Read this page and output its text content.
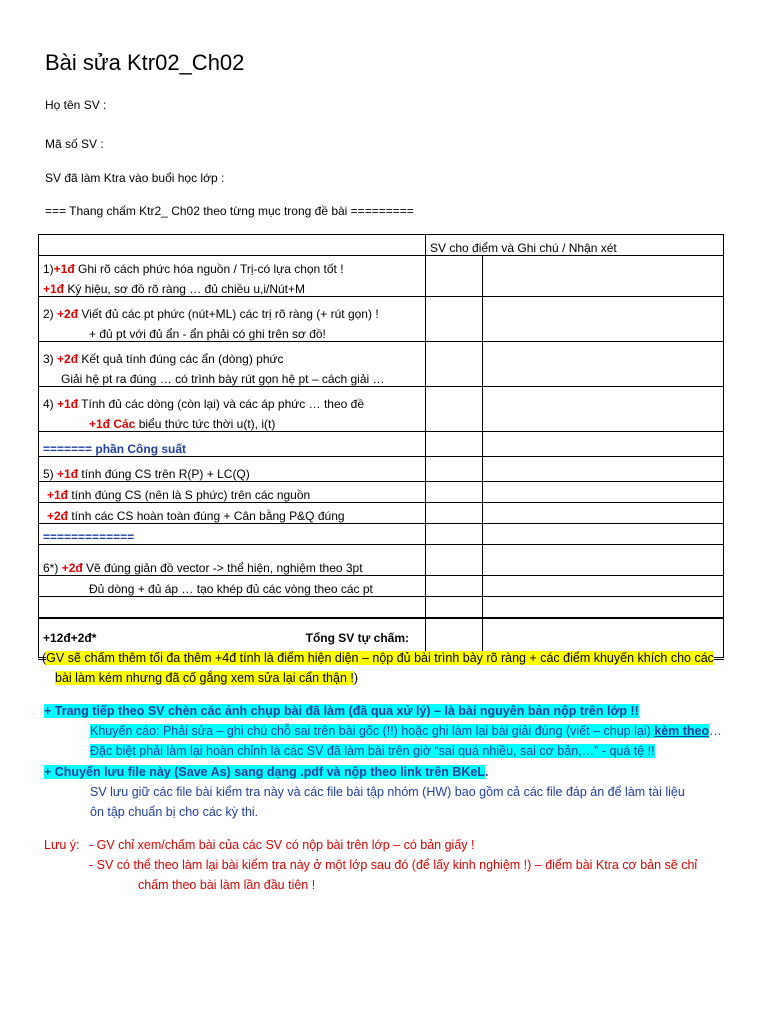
Bài sửa Ktr02_Ch02
Họ tên SV :
Mã số SV :
SV đã làm Ktra vào buổi học lớp :
=== Thang chấm Ktr2_ Ch02 theo từng mục trong đề bài =========
	SV cho điểm và Ghi chú / Nhận xét	
1)+1đ Ghi rõ cách phức hóa nguồn / Trị-có lựa chọn tốt !		
+1đ Ký hiệu, sơ đồ rõ ràng … đủ chiều u,i/Nút+M		
2) +2đ Viết đủ các pt phức (nút+ML) các trị rõ ràng (+ rút gọn) !		
+ đủ pt với đủ ẩn - ẩn phải có ghi trên sơ đồ!		
3) +2đ Kết quả tính đúng các ẩn (dòng) phức		
Giải hệ pt ra đúng … có trình bày rút gọn hệ pt – cách giải …		
4) +1đ Tính đủ các dòng (còn lại) và các áp phức … theo đề		
+1đ Các biểu thức tức thời u(t), i(t)		
======= phần Công suất		
5) +1đ tính đúng CS trên R(P) + LC(Q)		
+1đ tính đúng CS (nên là S phức) trên các nguồn		
+2đ tính các CS hoàn toàn đúng + Cân bằng P&Q đúng		
=============		
6*) +2đ Vẽ đúng giản đồ vector -> thể hiện, nghiệm theo 3pt		
Đủ dòng + đủ áp … tạo khép đủ các vòng theo các pt		

+12đ+2đ* Tổng SV tự chấm:		

(GV sẽ chấm thêm tối đa thêm +4đ tính là điểm hiện diện – nộp đủ bài trình bày rõ ràng + các điểm khuyến khích cho các
bài làm kém nhưng đã cố gắng xem sửa lại cẩn thận !)
+ Trang tiếp theo SV chèn các ảnh chụp bài đã làm (đã qua xử lý) – là bài nguyên bản nộp trên lớp !!
Khuyến cáo: Phải sửa – ghi chú chỗ sai trên bài gốc (!!) hoặc ghi làm lại bài giải đúng (viết – chụp lại) kèm theo…
Đặc biệt phải làm lại hoàn chỉnh là các SV đã làm bài trên giờ “sai quá nhiều, sai cơ bản,…” - quá tệ !!
+ Chuyển lưu file này (Save As) sang dạng .pdf và nộp theo link trên BKeL.
SV lưu giữ các file bài kiểm tra này và các file bài tập nhóm (HW) bao gồm cả các file đáp án để làm tài liệu
ôn tập chuẩn bị cho các kỳ thi.
Lưu ý: - GV chỉ xem/chấm bài của các SV có nộp bài trên lớp – có bản giấy !
- SV có thể theo làm lại bài kiểm tra này ở một lớp sau đó (để lấy kinh nghiệm !) – điểm bài Ktra cơ bản sẽ chỉ
chấm theo bài làm lần đầu tiên !
